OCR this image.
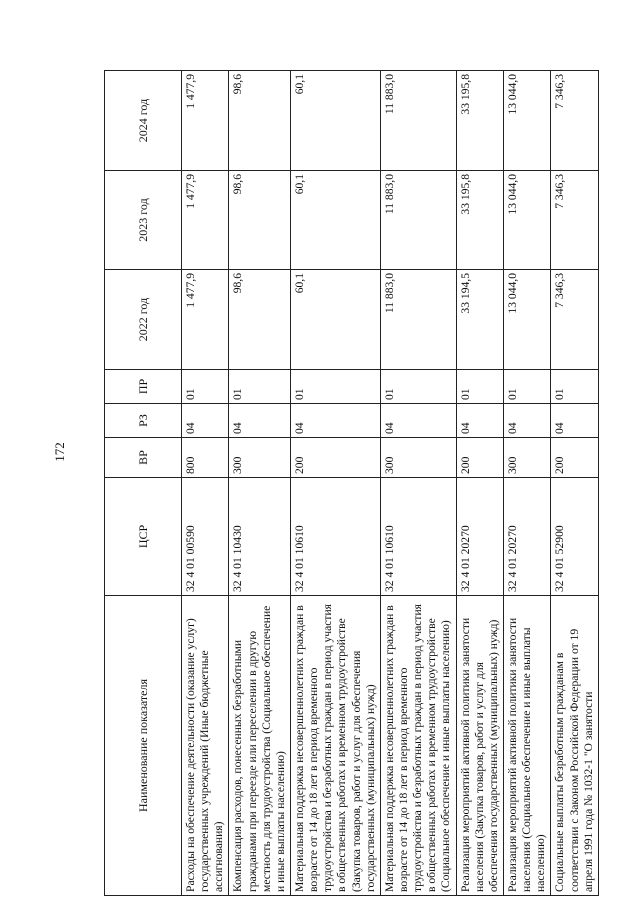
172
Наименование показателя	ЦСР	ВР	РЗ	ПР	2022 год	2023 год	2024 год
Расходы на обеспечение деятельности (оказание услуг) государственных учреждений (Иные бюджетные ассигнования)	32 4 01 00590	800	04	01	1 477,9	1 477,9	1 477,9
Компенсация расходов, понесенных безработными гражданами при переезде или переселении в другую местность для трудоустройства (Социальное обеспечение и иные выплаты населению)	32 4 01 10430	300	04	01	98,6	98,6	98,6
Материальная поддержка несовершеннолетних граждан в возрасте от 14 до 18 лет в период временного трудоустройства и безработных граждан в период участия в общественных работах и временном трудоустройстве (Закупка товаров, работ и услуг для обеспечения государственных (муниципальных) нужд)	32 4 01 10610	200	04	01	60,1	60,1	60,1
Материальная поддержка несовершеннолетних граждан в возрасте от 14 до 18 лет в период временного трудоустройства и безработных граждан в период участия в общественных работах и временном трудоустройстве (Социальное обеспечение и иные выплаты населению)	32 4 01 10610	300	04	01	11 883,0	11 883,0	11 883,0
Реализация мероприятий активной политики занятости населения (Закупка товаров, работ и услуг для обеспечения государственных (муниципальных) нужд)	32 4 01 20270	200	04	01	33 194,5	33 195,8	33 195,8
Реализация мероприятий активной политики занятости населения (Социальное обеспечение и иные выплаты населению)	32 4 01 20270	300	04	01	13 044,0	13 044,0	13 044,0
Социальные выплаты безработным гражданам в соответствии с Законом Российской Федерации от 19 апреля 1991 года № 1032-1 "О занятости	32 4 01 52900	200	04	01	7 346,3	7 346,3	7 346,3
